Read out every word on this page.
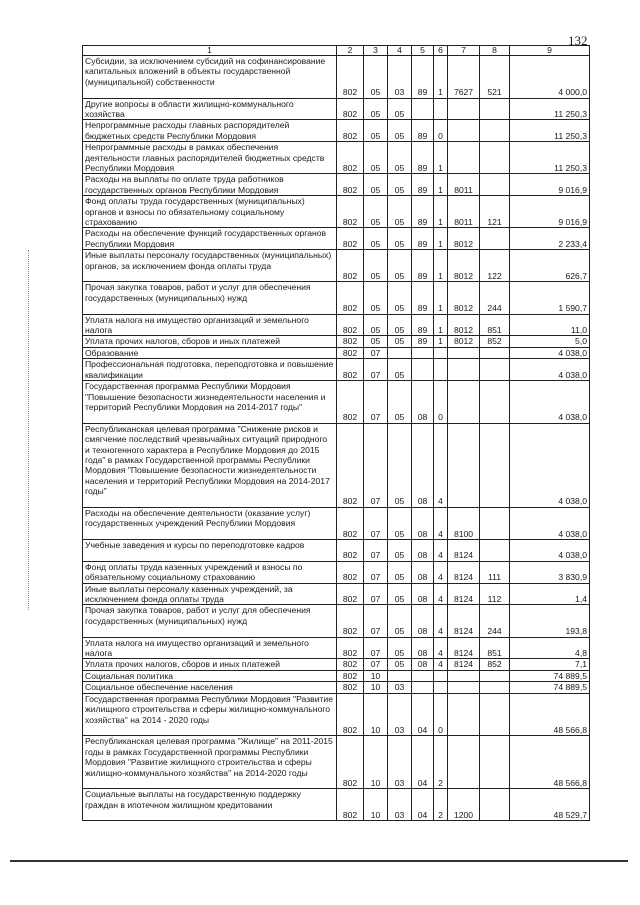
132
1	2	3	4	5	6	7	8	9
Субсидии, за исключением субсидий на софинансирование капитальных вложений в объекты государственной (муниципальной) собственности	802	05	03	89	1	7627	521	4 000,0
Другие вопросы в области жилищно-коммунального хозяйства	802	05	05					11 250,3
Непрограммные расходы главных распорядителей бюджетных средств Республики Мордовия	802	05	05	89	0			11 250,3
Непрограммные расходы в рамках обеспечения деятельности главных распорядителей бюджетных средств Республики Мордовия	802	05	05	89	1			11 250,3
Расходы на выплаты по оплате труда работников государственных органов Республики Мордовия	802	05	05	89	1	8011		9 016,9
Фонд оплаты труда государственных (муниципальных) органов и взносы по обязательному социальному страхованию	802	05	05	89	1	8011	121	9 016,9
Расходы на обеспечение функций государственных органов Республики Мордовия	802	05	05	89	1	8012		2 233,4
Иные выплаты персоналу государственных (муниципальных) органов, за исключением фонда оплаты труда	802	05	05	89	1	8012	122	626,7
Прочая закупка товаров, работ и услуг для обеспечения государственных (муниципальных) нужд	802	05	05	89	1	8012	244	1 590,7
Уплата налога на имущество организаций и земельного налога	802	05	05	89	1	8012	851	11,0
Уплата прочих налогов, сборов и иных платежей	802	05	05	89	1	8012	852	5,0
Образование	802	07						4 038,0
Профессиональная подготовка, переподготовка и повышение квалификации	802	07	05					4 038,0
Государственная программа Республики Мордовия "Повышение безопасности жизнедеятельности населения и территорий Республики Мордовия на 2014-2017 годы"	802	07	05	08	0			4 038,0
Республиканская целевая программа "Снижение рисков и смягчение последствий чрезвычайных ситуаций природного и техногенного характера в Республике Мордовия до 2015 года" в рамках Государственной программы Республики Мордовия "Повышение безопасности жизнедеятельности населения и территорий Республики Мордовия на 2014-2017 годы"	802	07	05	08	4			4 038,0
Расходы на обеспечение деятельности (оказание услуг) государственных учреждений Республики Мордовия	802	07	05	08	4	8100		4 038,0
Учебные заведения и курсы по переподготовке кадров	802	07	05	08	4	8124		4 038,0
Фонд оплаты труда казенных учреждений и взносы по обязательному социальному страхованию	802	07	05	08	4	8124	111	3 830,9
Иные выплаты персоналу казенных учреждений, за исключением фонда оплаты труда	802	07	05	08	4	8124	112	1,4
Прочая закупка товаров, работ и услуг для обеспечения государственных (муниципальных) нужд	802	07	05	08	4	8124	244	193,8
Уплата налога на имущество организаций и земельного налога	802	07	05	08	4	8124	851	4,8
Уплата прочих налогов, сборов и иных платежей	802	07	05	08	4	8124	852	7,1
Социальная политика	802	10						74 889,5
Социальное обеспечение населения	802	10	03					74 889,5
Государственная программа Республики Мордовия "Развитие жилищного строительства и сферы жилищно-коммунального хозяйства" на 2014 - 2020 годы	802	10	03	04	0			48 566,8
Республиканская целевая программа "Жилище" на 2011-2015 годы в рамках Государственной программы Республики Мордовия "Развитие жилищного строительства и сферы жилищно-коммунального хозяйства" на 2014-2020 годы	802	10	03	04	2			48 566,8
Социальные выплаты на государственную поддержку граждан в ипотечном жилищном кредитовании	802	10	03	04	2	1200		48 529,7
